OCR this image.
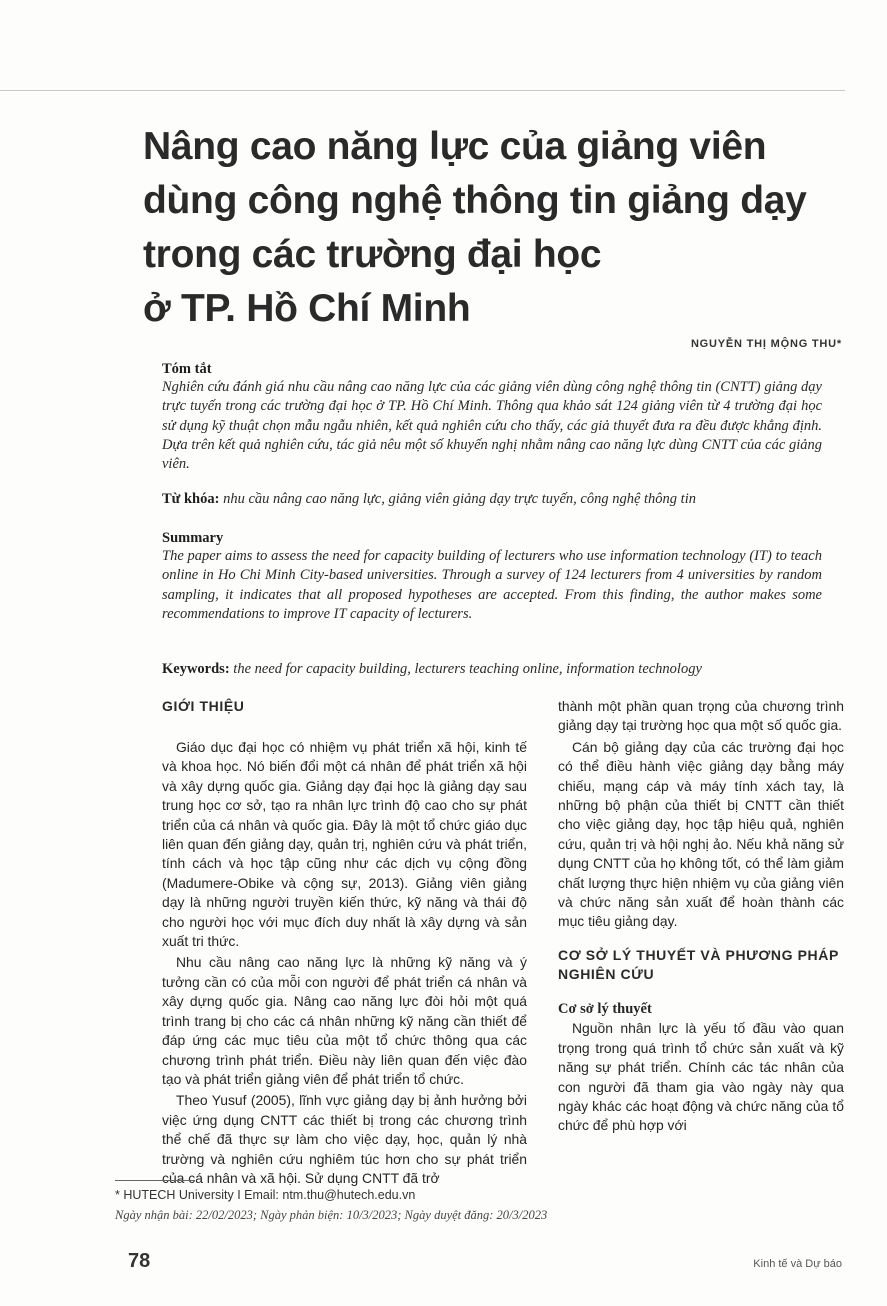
Nâng cao năng lực của giảng viên
dùng công nghệ thông tin giảng dạy
trong các trường đại học
ở TP. Hồ Chí Minh
NGUYỄN THỊ MỘNG THU*
Tóm tắt

Nghiên cứu đánh giá nhu cầu nâng cao năng lực của các giảng viên dùng công nghệ thông tin (CNTT) giảng dạy trực tuyến trong các trường đại học ở TP. Hồ Chí Minh. Thông qua khảo sát 124 giảng viên từ 4 trường đại học sử dụng kỹ thuật chọn mẫu ngẫu nhiên, kết quả nghiên cứu cho thấy, các giả thuyết đưa ra đều được khẳng định. Dựa trên kết quả nghiên cứu, tác giả nêu một số khuyến nghị nhằm nâng cao năng lực dùng CNTT của các giảng viên.

Từ khóa: nhu cầu nâng cao năng lực, giảng viên giảng dạy trực tuyến, công nghệ thông tin
Summary

The paper aims to assess the need for capacity building of lecturers who use information technology (IT) to teach online in Ho Chi Minh City-based universities. Through a survey of 124 lecturers from 4 universities by random sampling, it indicates that all proposed hypotheses are accepted. From this finding, the author makes some recommendations to improve IT capacity of lecturers.

Keywords: the need for capacity building, lecturers teaching online, information technology
GIỚI THIỆU

Giáo dục đại học có nhiệm vụ phát triển xã hội, kinh tế và khoa học. Nó biến đổi một cá nhân để phát triển xã hội và xây dựng quốc gia. Giảng dạy đại học là giảng dạy sau trung học cơ sở, tạo ra nhân lực trình độ cao cho sự phát triển của cá nhân và quốc gia. Đây là một tổ chức giáo dục liên quan đến giảng dạy, quản trị, nghiên cứu và phát triển, tính cách và học tập cũng như các dịch vụ cộng đồng (Madumere-Obike và cộng sự, 2013). Giảng viên giảng dạy là những người truyền kiến thức, kỹ năng và thái độ cho người học với mục đích duy nhất là xây dựng và sản xuất tri thức.

Nhu cầu nâng cao năng lực là những kỹ năng và ý tưởng cần có của mỗi con người để phát triển cá nhân và xây dựng quốc gia. Nâng cao năng lực đòi hỏi một quá trình trang bị cho các cá nhân những kỹ năng cần thiết để đáp ứng các mục tiêu của một tổ chức thông qua các chương trình phát triển. Điều này liên quan đến việc đào tạo và phát triển giảng viên để phát triển tổ chức.

Theo Yusuf (2005), lĩnh vực giảng dạy bị ảnh hưởng bởi việc ứng dụng CNTT các thiết bị trong các chương trình thể chế đã thực sự làm cho việc dạy, học, quản lý nhà trường và nghiên cứu nghiêm túc hơn cho sự phát triển của cá nhân và xã hội. Sử dụng CNTT đã trở

thành một phần quan trọng của chương trình giảng dạy tại trường học qua một số quốc gia.

Cán bộ giảng dạy của các trường đại học có thể điều hành việc giảng dạy bằng máy chiếu, mạng cáp và máy tính xách tay, là những bộ phận của thiết bị CNTT cần thiết cho việc giảng dạy, học tập hiệu quả, nghiên cứu, quản trị và hội nghị ảo. Nếu khả năng sử dụng CNTT của họ không tốt, có thể làm giảm chất lượng thực hiện nhiệm vụ của giảng viên và chức năng sản xuất để hoàn thành các mục tiêu giảng dạy.

CƠ SỞ LÝ THUYẾT VÀ PHƯƠNG PHÁP NGHIÊN CỨU
Cơ sở lý thuyết

Nguồn nhân lực là yếu tố đầu vào quan trọng trong quá trình tổ chức sản xuất và kỹ năng sự phát triển. Chính các tác nhân của con người đã tham gia vào ngày này qua ngày khác các hoạt động và chức năng của tổ chức để phù hợp với

* HUTECH University I Email: ntm.thu@hutech.edu.vn
Ngày nhận bài: 22/02/2023; Ngày phản biện: 10/3/2023; Ngày duyệt đăng: 20/3/2023
78	Kinh tế và Dự báo
